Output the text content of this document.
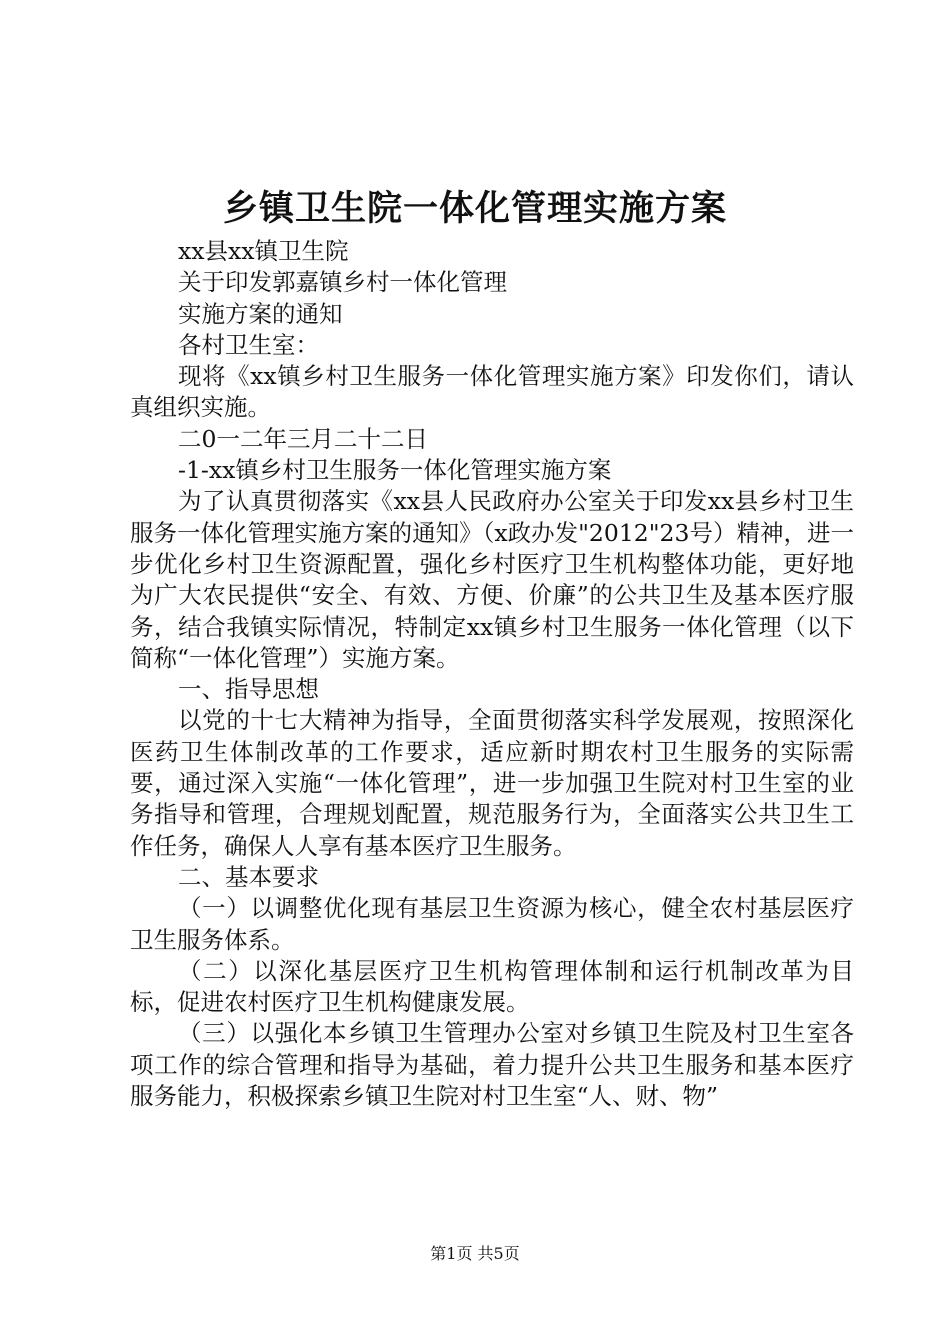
乡镇卫生院一体化管理实施方案

xx县xx镇卫生院

关于印发郭嘉镇乡村一体化管理

实施方案的通知

各村卫生室：

现将《xx镇乡村卫生服务一体化管理实施方案》印发你们，请认真组织实施。

二0一二年三月二十二日

-1-xx镇乡村卫生服务一体化管理实施方案

为了认真贯彻落实《xx县人民政府办公室关于印发xx县乡村卫生服务一体化管理实施方案的通知》（x政办发"2012"23号）精神，进一步优化乡村卫生资源配置，强化乡村医疗卫生机构整体功能，更好地为广大农民提供“安全、有效、方便、价廉”的公共卫生及基本医疗服务，结合我镇实际情况，特制定xx镇乡村卫生服务一体化管理（以下简称“一体化管理”）实施方案。

一、指导思想

以党的十七大精神为指导，全面贯彻落实科学发展观，按照深化医药卫生体制改革的工作要求，适应新时期农村卫生服务的实际需要，通过深入实施“一体化管理”，进一步加强卫生院对村卫生室的业务指导和管理，合理规划配置，规范服务行为，全面落实公共卫生工作任务，确保人人享有基本医疗卫生服务。

二、基本要求

（一）以调整优化现有基层卫生资源为核心，健全农村基层医疗卫生服务体系。

（二）以深化基层医疗卫生机构管理体制和运行机制改革为目标，促进农村医疗卫生机构健康发展。

（三）以强化本乡镇卫生管理办公室对乡镇卫生院及村卫生室各项工作的综合管理和指导为基础，着力提升公共卫生服务和基本医疗服务能力，积极探索乡镇卫生院对村卫生室“人、财、物”

第1页 共5页
